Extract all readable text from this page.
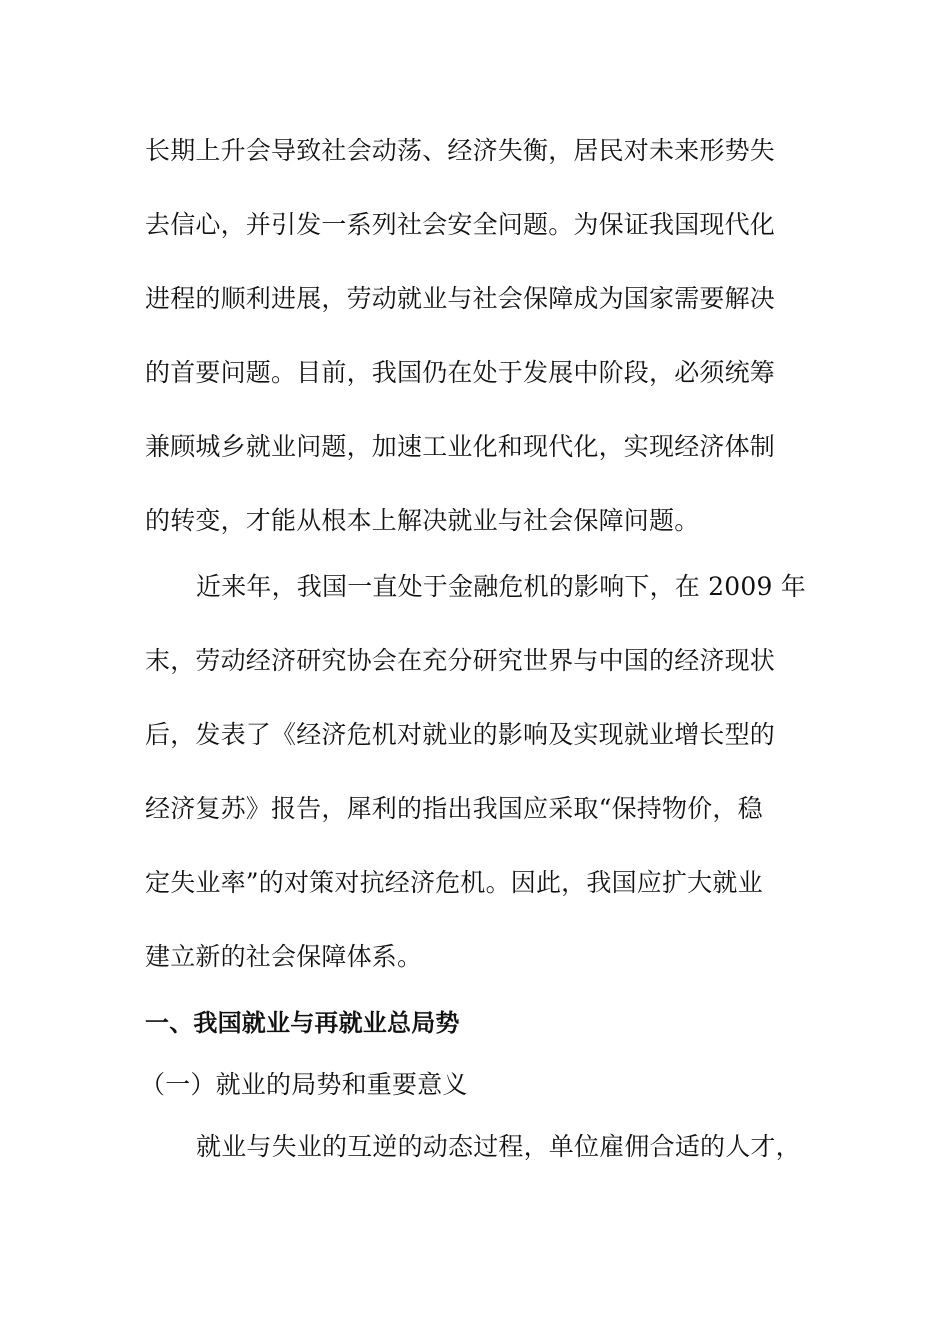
长期上升会导致社会动荡、经济失衡，居民对未来形势失
去信心，并引发一系列社会安全问题。为保证我国现代化
进程的顺利进展，劳动就业与社会保障成为国家需要解决
的首要问题。目前，我国仍在处于发展中阶段，必须统筹
兼顾城乡就业问题，加速工业化和现代化，实现经济体制
的转变，才能从根本上解决就业与社会保障问题。
近来年，我国一直处于金融危机的影响下，在 2009 年
末，劳动经济研究协会在充分研究世界与中国的经济现状
后，发表了《经济危机对就业的影响及实现就业增长型的
经济复苏》报告，犀利的指出我国应采取“保持物价，稳
定失业率”的对策对抗经济危机。因此，我国应扩大就业
建立新的社会保障体系。
一、我国就业与再就业总局势
（一）就业的局势和重要意义
就业与失业的互逆的动态过程，单位雇佣合适的人才，
